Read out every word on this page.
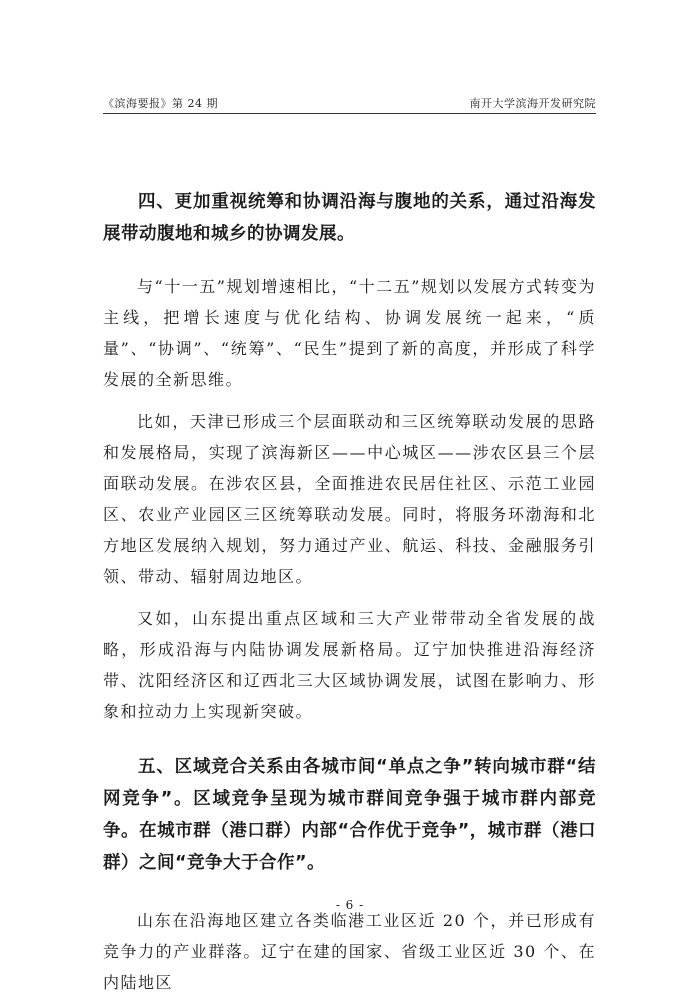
《滨海要报》第 24 期	南开大学滨海开发研究院

四、更加重视统筹和协调沿海与腹地的关系，通过沿海发展带动腹地和城乡的协调发展。

与“十一五”规划增速相比，“十二五”规划以发展方式转变为主线，把增长速度与优化结构、协调发展统一起来，“质量”、“协调”、“统筹”、“民生”提到了新的高度，并形成了科学发展的全新思维。

比如，天津已形成三个层面联动和三区统筹联动发展的思路和发展格局，实现了滨海新区——中心城区——涉农区县三个层面联动发展。在涉农区县，全面推进农民居住社区、示范工业园区、农业产业园区三区统筹联动发展。同时，将服务环渤海和北方地区发展纳入规划，努力通过产业、航运、科技、金融服务引领、带动、辐射周边地区。

又如，山东提出重点区域和三大产业带带动全省发展的战略，形成沿海与内陆协调发展新格局。辽宁加快推进沿海经济带、沈阳经济区和辽西北三大区域协调发展，试图在影响力、形象和拉动力上实现新突破。

五、区域竞合关系由各城市间“单点之争”转向城市群“结网竞争”。区域竞争呈现为城市群间竞争强于城市群内部竞争。在城市群（港口群）内部“合作优于竞争”，城市群（港口群）之间“竞争大于合作”。

山东在沿海地区建立各类临港工业区近 20 个，并已形成有竞争力的产业群落。辽宁在建的国家、省级工业区近 30 个、在内陆地区

- 6 -
